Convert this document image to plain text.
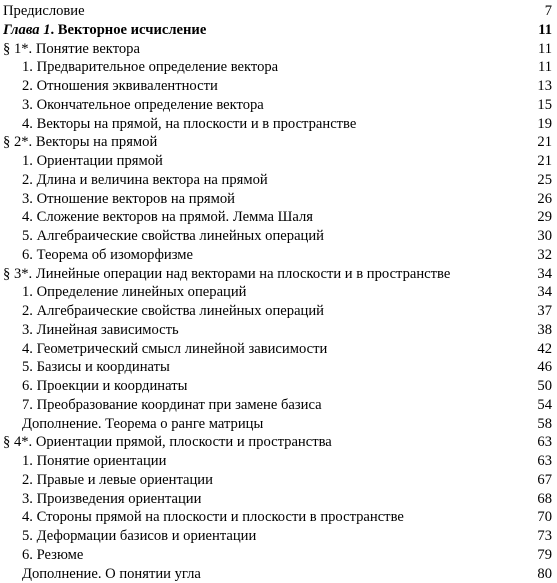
Предисловие	7
Глава 1. Векторное исчисление	11
§ 1*. Понятие вектора	11
1. Предварительное определение вектора	11
2. Отношения эквивалентности	13
3. Окончательное определение вектора	15
4. Векторы на прямой, на плоскости и в пространстве	19
§ 2*. Векторы на прямой	21
1. Ориентации прямой	21
2. Длина и величина вектора на прямой	25
3. Отношение векторов на прямой	26
4. Сложение векторов на прямой. Лемма Шаля	29
5. Алгебраические свойства линейных операций	30
6. Теорема об изоморфизме	32
§ 3*. Линейные операции над векторами на плоскости и в пространстве	34
1. Определение линейных операций	34
2. Алгебраические свойства линейных операций	37
3. Линейная зависимость	38
4. Геометрический смысл линейной зависимости	42
5. Базисы и координаты	46
6. Проекции и координаты	50
7. Преобразование координат при замене базиса	54
Дополнение. Теорема о ранге матрицы	58
§ 4*. Ориентации прямой, плоскости и пространства	63
1. Понятие ориентации	63
2. Правые и левые ориентации	67
3. Произведения ориентации	68
4. Стороны прямой на плоскости и плоскости в пространстве	70
5. Деформации базисов и ориентации	73
6. Резюме	79
Дополнение. О понятии угла	80
